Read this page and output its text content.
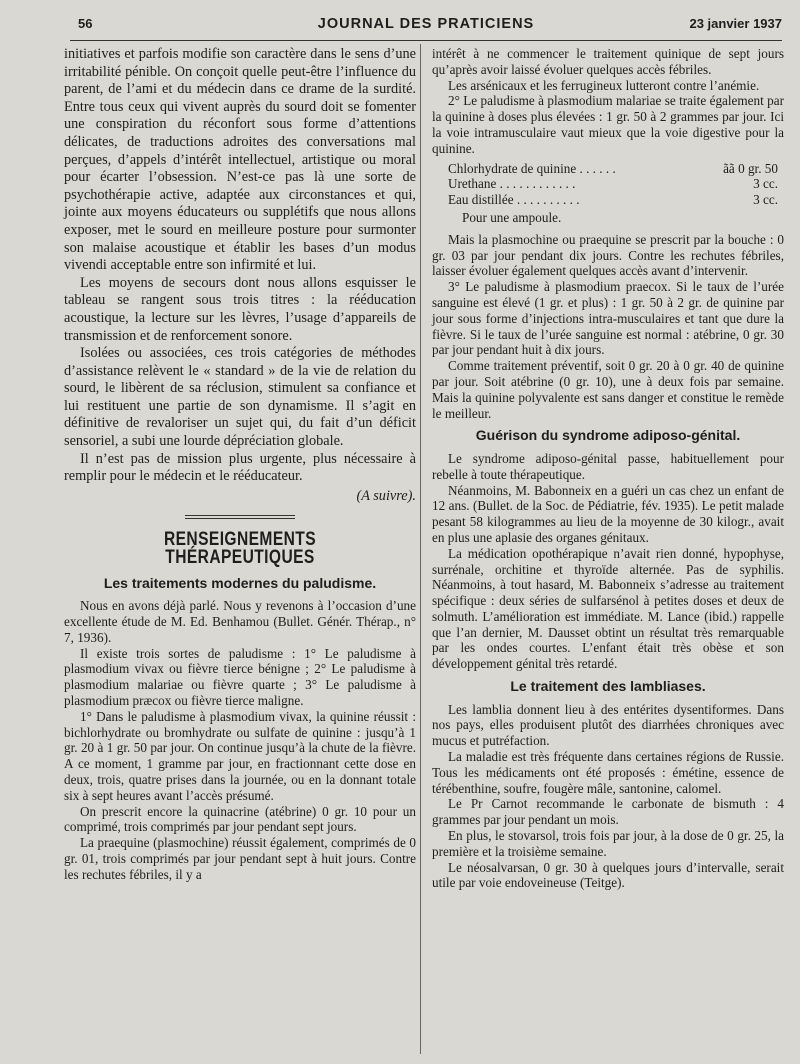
56	JOURNAL DES PRATICIENS	23 janvier 1937

initiatives et parfois modifie son caractère dans le sens d’une irritabilité pénible. On conçoit quelle peut-être l’influence du parent, de l’ami et du médecin dans ce drame de la surdité. Entre tous ceux qui vivent auprès du sourd doit se fomenter une conspiration du réconfort sous forme d’attentions délicates, de traductions adroites des conversations mal perçues, d’appels d’intérêt intellectuel, artistique ou moral pour écarter l’obsession. N’est-ce pas là une sorte de psychothérapie active, adaptée aux circonstances et qui, jointe aux moyens éducateurs ou supplétifs que nous allons exposer, met le sourd en meilleure posture pour surmonter son malaise acoustique et établir les bases d’un modus vivendi acceptable entre son infirmité et lui.

Les moyens de secours dont nous allons esquisser le tableau se rangent sous trois titres : la rééducation acoustique, la lecture sur les lèvres, l’usage d’appareils de transmission et de renforcement sonore.

Isolées ou associées, ces trois catégories de méthodes d’assistance relèvent le « standard » de la vie de relation du sourd, le libèrent de sa réclusion, stimulent sa confiance et lui restituent une partie de son dynamisme. Il s’agit en définitive de revaloriser un sujet qui, du fait d’un déficit sensoriel, a subi une lourde dépréciation globale.

Il n’est pas de mission plus urgente, plus nécessaire à remplir pour le médecin et le rééducateur.

(A suivre).

RENSEIGNEMENTS THÉRAPEUTIQUES
Les traitements modernes du paludisme.

Nous en avons déjà parlé. Nous y revenons à l’occasion d’une excellente étude de M. Ed. Benhamou (Bullet. Génér. Thérap., n° 7, 1936).

Il existe trois sortes de paludisme : 1° Le paludisme à plasmodium vivax ou fièvre tierce bénigne ; 2° Le paludisme à plasmodium malariae ou fièvre quarte ; 3° Le paludisme à plasmodium præcox ou fièvre tierce maligne.

1° Dans le paludisme à plasmodium vivax, la quinine réussit : bichlorhydrate ou bromhydrate ou sulfate de quinine : jusqu’à 1 gr. 20 à 1 gr. 50 par jour. On continue jusqu’à la chute de la fièvre. A ce moment, 1 gramme par jour, en fractionnant cette dose en deux, trois, quatre prises dans la journée, ou en la donnant totale six à sept heures avant l’accès présumé.

On prescrit encore la quinacrine (atébrine) 0 gr. 10 pour un comprimé, trois comprimés par jour pendant sept jours.

La praequine (plasmochine) réussit également, comprimés de 0 gr. 01, trois comprimés par jour pendant sept à huit jours. Contre les rechutes fébriles, il y a

intérêt à ne commencer le traitement quinique de sept jours qu’après avoir laissé évoluer quelques accès fébriles.

Les arsénicaux et les ferrugineux lutteront contre l’anémie.

2° Le paludisme à plasmodium malariae se traite également par la quinine à doses plus élevées : 1 gr. 50 à 2 grammes par jour. Ici la voie intramusculaire vaut mieux que la voie digestive pour la quinine.

Chlorhydrate de quinine . . . . . .	ãã 0 gr. 50
Urethane . . . . . . . . . . . .	3 cc.
Eau distillée . . . . . . . . . .	3 cc.

Pour une ampoule.

Mais la plasmochine ou praequine se prescrit par la bouche : 0 gr. 03 par jour pendant dix jours. Contre les rechutes fébriles, laisser évoluer également quelques accès avant d’intervenir.

3° Le paludisme à plasmodium praecox. Si le taux de l’urée sanguine est élevé (1 gr. et plus) : 1 gr. 50 à 2 gr. de quinine par jour sous forme d’injections intra-musculaires et tant que dure la fièvre. Si le taux de l’urée sanguine est normal : atébrine, 0 gr. 30 par jour pendant huit à dix jours.

Comme traitement préventif, soit 0 gr. 20 à 0 gr. 40 de quinine par jour. Soit atébrine (0 gr. 10), une à deux fois par semaine. Mais la quinine polyvalente est sans danger et constitue le remède le meilleur.

Guérison du syndrome adiposo-génital.

Le syndrome adiposo-génital passe, habituellement pour rebelle à toute thérapeutique.

Néanmoins, M. Babonneix en a guéri un cas chez un enfant de 12 ans. (Bullet. de la Soc. de Pédiatrie, fév. 1935). Le petit malade pesant 58 kilogrammes au lieu de la moyenne de 30 kilogr., avait en plus une aplasie des organes génitaux.

La médication opothérapique n’avait rien donné, hypophyse, surrénale, orchitine et thyroïde alternée. Pas de syphilis. Néanmoins, à tout hasard, M. Babonneix s’adresse au traitement spécifique : deux séries de sulfarsénol à petites doses et deux de solmuth. L’amélioration est immédiate. M. Lance (ibid.) rappelle que l’an dernier, M. Dausset obtint un résultat très remarquable par les ondes courtes. L’enfant était très obèse et son développement génital très retardé.

Le traitement des lambliases.

Les lamblia donnent lieu à des entérites dysentiformes. Dans nos pays, elles produisent plutôt des diarrhées chroniques avec mucus et putréfaction.

La maladie est très fréquente dans certaines régions de Russie. Tous les médicaments ont été proposés : émétine, essence de térébenthine, soufre, fougère mâle, santonine, calomel.

Le Pr Carnot recommande le carbonate de bismuth : 4 grammes par jour pendant un mois.

En plus, le stovarsol, trois fois par jour, à la dose de 0 gr. 25, la première et la troisième semaine.

Le néosalvarsan, 0 gr. 30 à quelques jours d’intervalle, serait utile par voie endoveineuse (Teitge).
